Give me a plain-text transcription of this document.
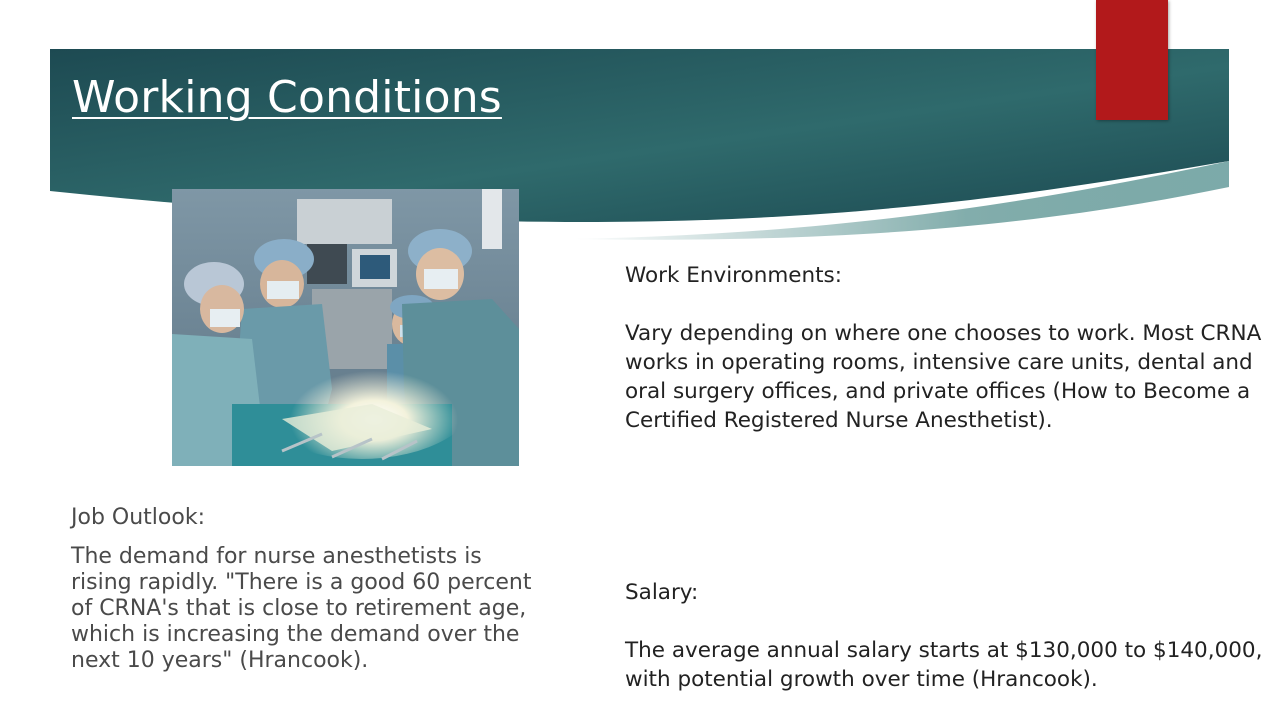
Working Conditions
Work Environments:
Vary depending on where one chooses to work. Most CRNA works in operating rooms, intensive care units, dental and oral surgery offices, and private offices (How to Become a Certified Registered Nurse Anesthetist).
Job Outlook:
The demand for nurse anesthetists is rising rapidly. "There is a good 60 percent of CRNA's that is close to retirement age, which is increasing the demand over the next 10 years" (Hrancook).
Salary:
The average annual salary starts at $130,000 to $140,000, with potential growth over time (Hrancook).
